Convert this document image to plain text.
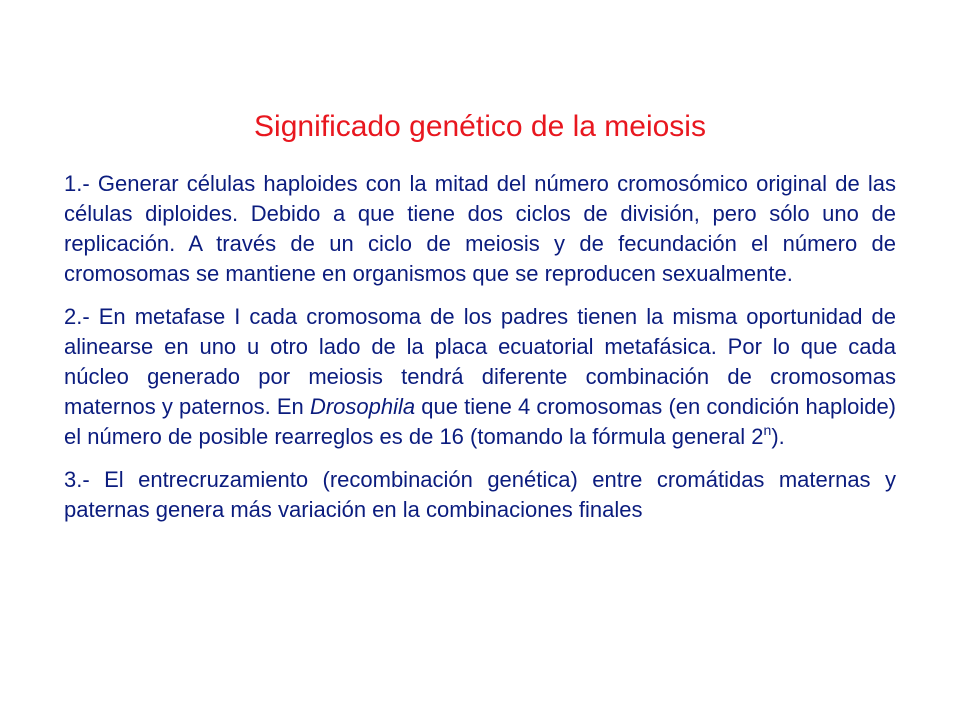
Significado genético de la meiosis

1.- Generar células haploides con la mitad del número cromosómico original de las células diploides. Debido a que tiene dos ciclos de división, pero sólo uno de replicación. A través de un ciclo de meiosis y de fecundación el número de cromosomas se mantiene en organismos que se reproducen sexualmente.

2.- En metafase I cada cromosoma de los padres tienen la misma oportunidad de alinearse en uno u otro lado de la placa ecuatorial metafásica. Por lo que cada núcleo generado por meiosis tendrá diferente combinación de cromosomas maternos y paternos. En Drosophila que tiene 4 cromosomas (en condición haploide) el número de posible rearreglos es de 16 (tomando la fórmula general 2$^n$).

3.- El entrecruzamiento (recombinación genética) entre cromátidas maternas y paternas genera más variación en la combinaciones finales
